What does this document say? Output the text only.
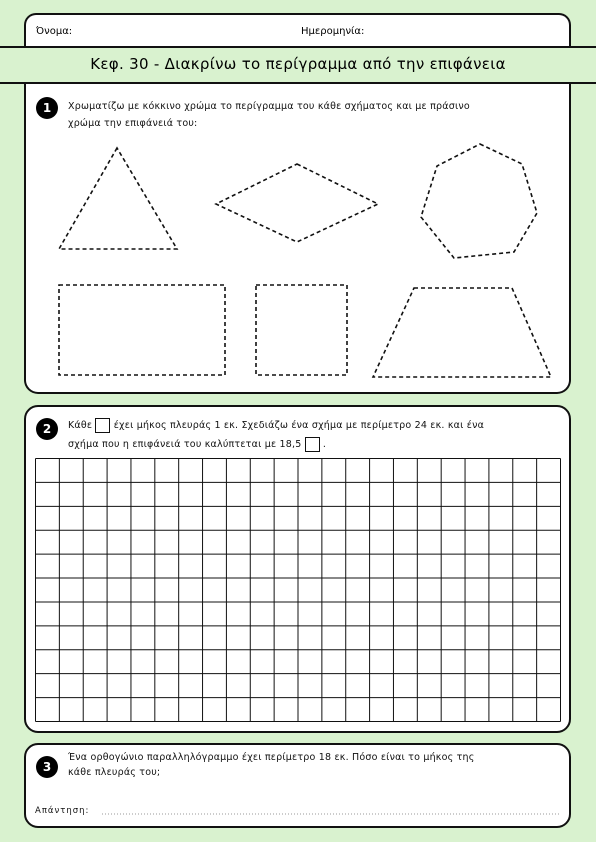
Όνομα:	Ημερομηνία:
Κεφ. 30 - Διακρίνω το περίγραμμα από την επιφάνεια
1	Χρωματίζω με κόκκινο χρώμα το περίγραμμα του κάθε σχήματος και με πράσινο
χρώμα την επιφάνειά του:
2	Κάθε έχει μήκος πλευράς 1 εκ. Σχεδιάζω ένα σχήμα με περίμετρο 24 εκ. και ένα
σχήμα που η επιφάνειά του καλύπτεται με 18,5 .
3
Ένα ορθογώνιο παραλληλόγραμμο έχει περίμετρο 18 εκ. Πόσο είναι το μήκος της
κάθε πλευράς του;
Απάντηση:
